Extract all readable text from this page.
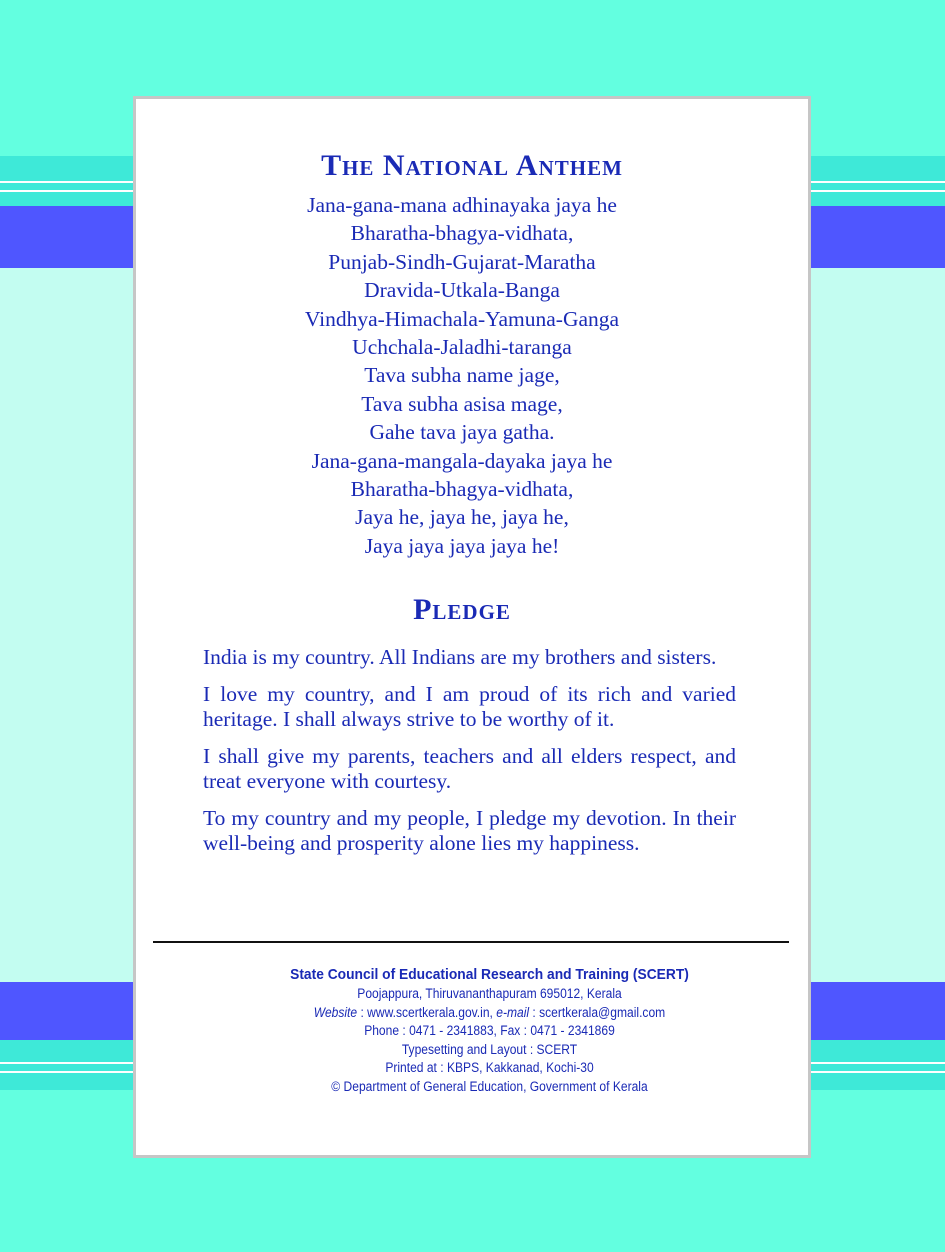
The National Anthem
Jana-gana-mana adhinayaka jaya he
Bharatha-bhagya-vidhata,
Punjab-Sindh-Gujarat-Maratha
Dravida-Utkala-Banga
Vindhya-Himachala-Yamuna-Ganga
Uchchala-Jaladhi-taranga
Tava subha name jage,
Tava subha asisa mage,
Gahe tava jaya gatha.
Jana-gana-mangala-dayaka jaya he
Bharatha-bhagya-vidhata,
Jaya he, jaya he, jaya he,
Jaya jaya jaya jaya he!
Pledge

India is my country. All Indians are my brothers and sisters.

I love my country, and I am proud of its rich and varied heritage. I shall always strive to be worthy of it.

I shall give my parents, teachers and all elders respect, and treat everyone with courtesy.

To my country and my people, I pledge my devotion. In their well-being and prosperity alone lies my happiness.

State Council of Educational Research and Training (SCERT)
Poojappura, Thiruvananthapuram 695012, Kerala
Website : www.scertkerala.gov.in, e-mail : scertkerala@gmail.com
Phone : 0471 - 2341883, Fax : 0471 - 2341869
Typesetting and Layout : SCERT
Printed at : KBPS, Kakkanad, Kochi-30
© Department of General Education, Government of Kerala
